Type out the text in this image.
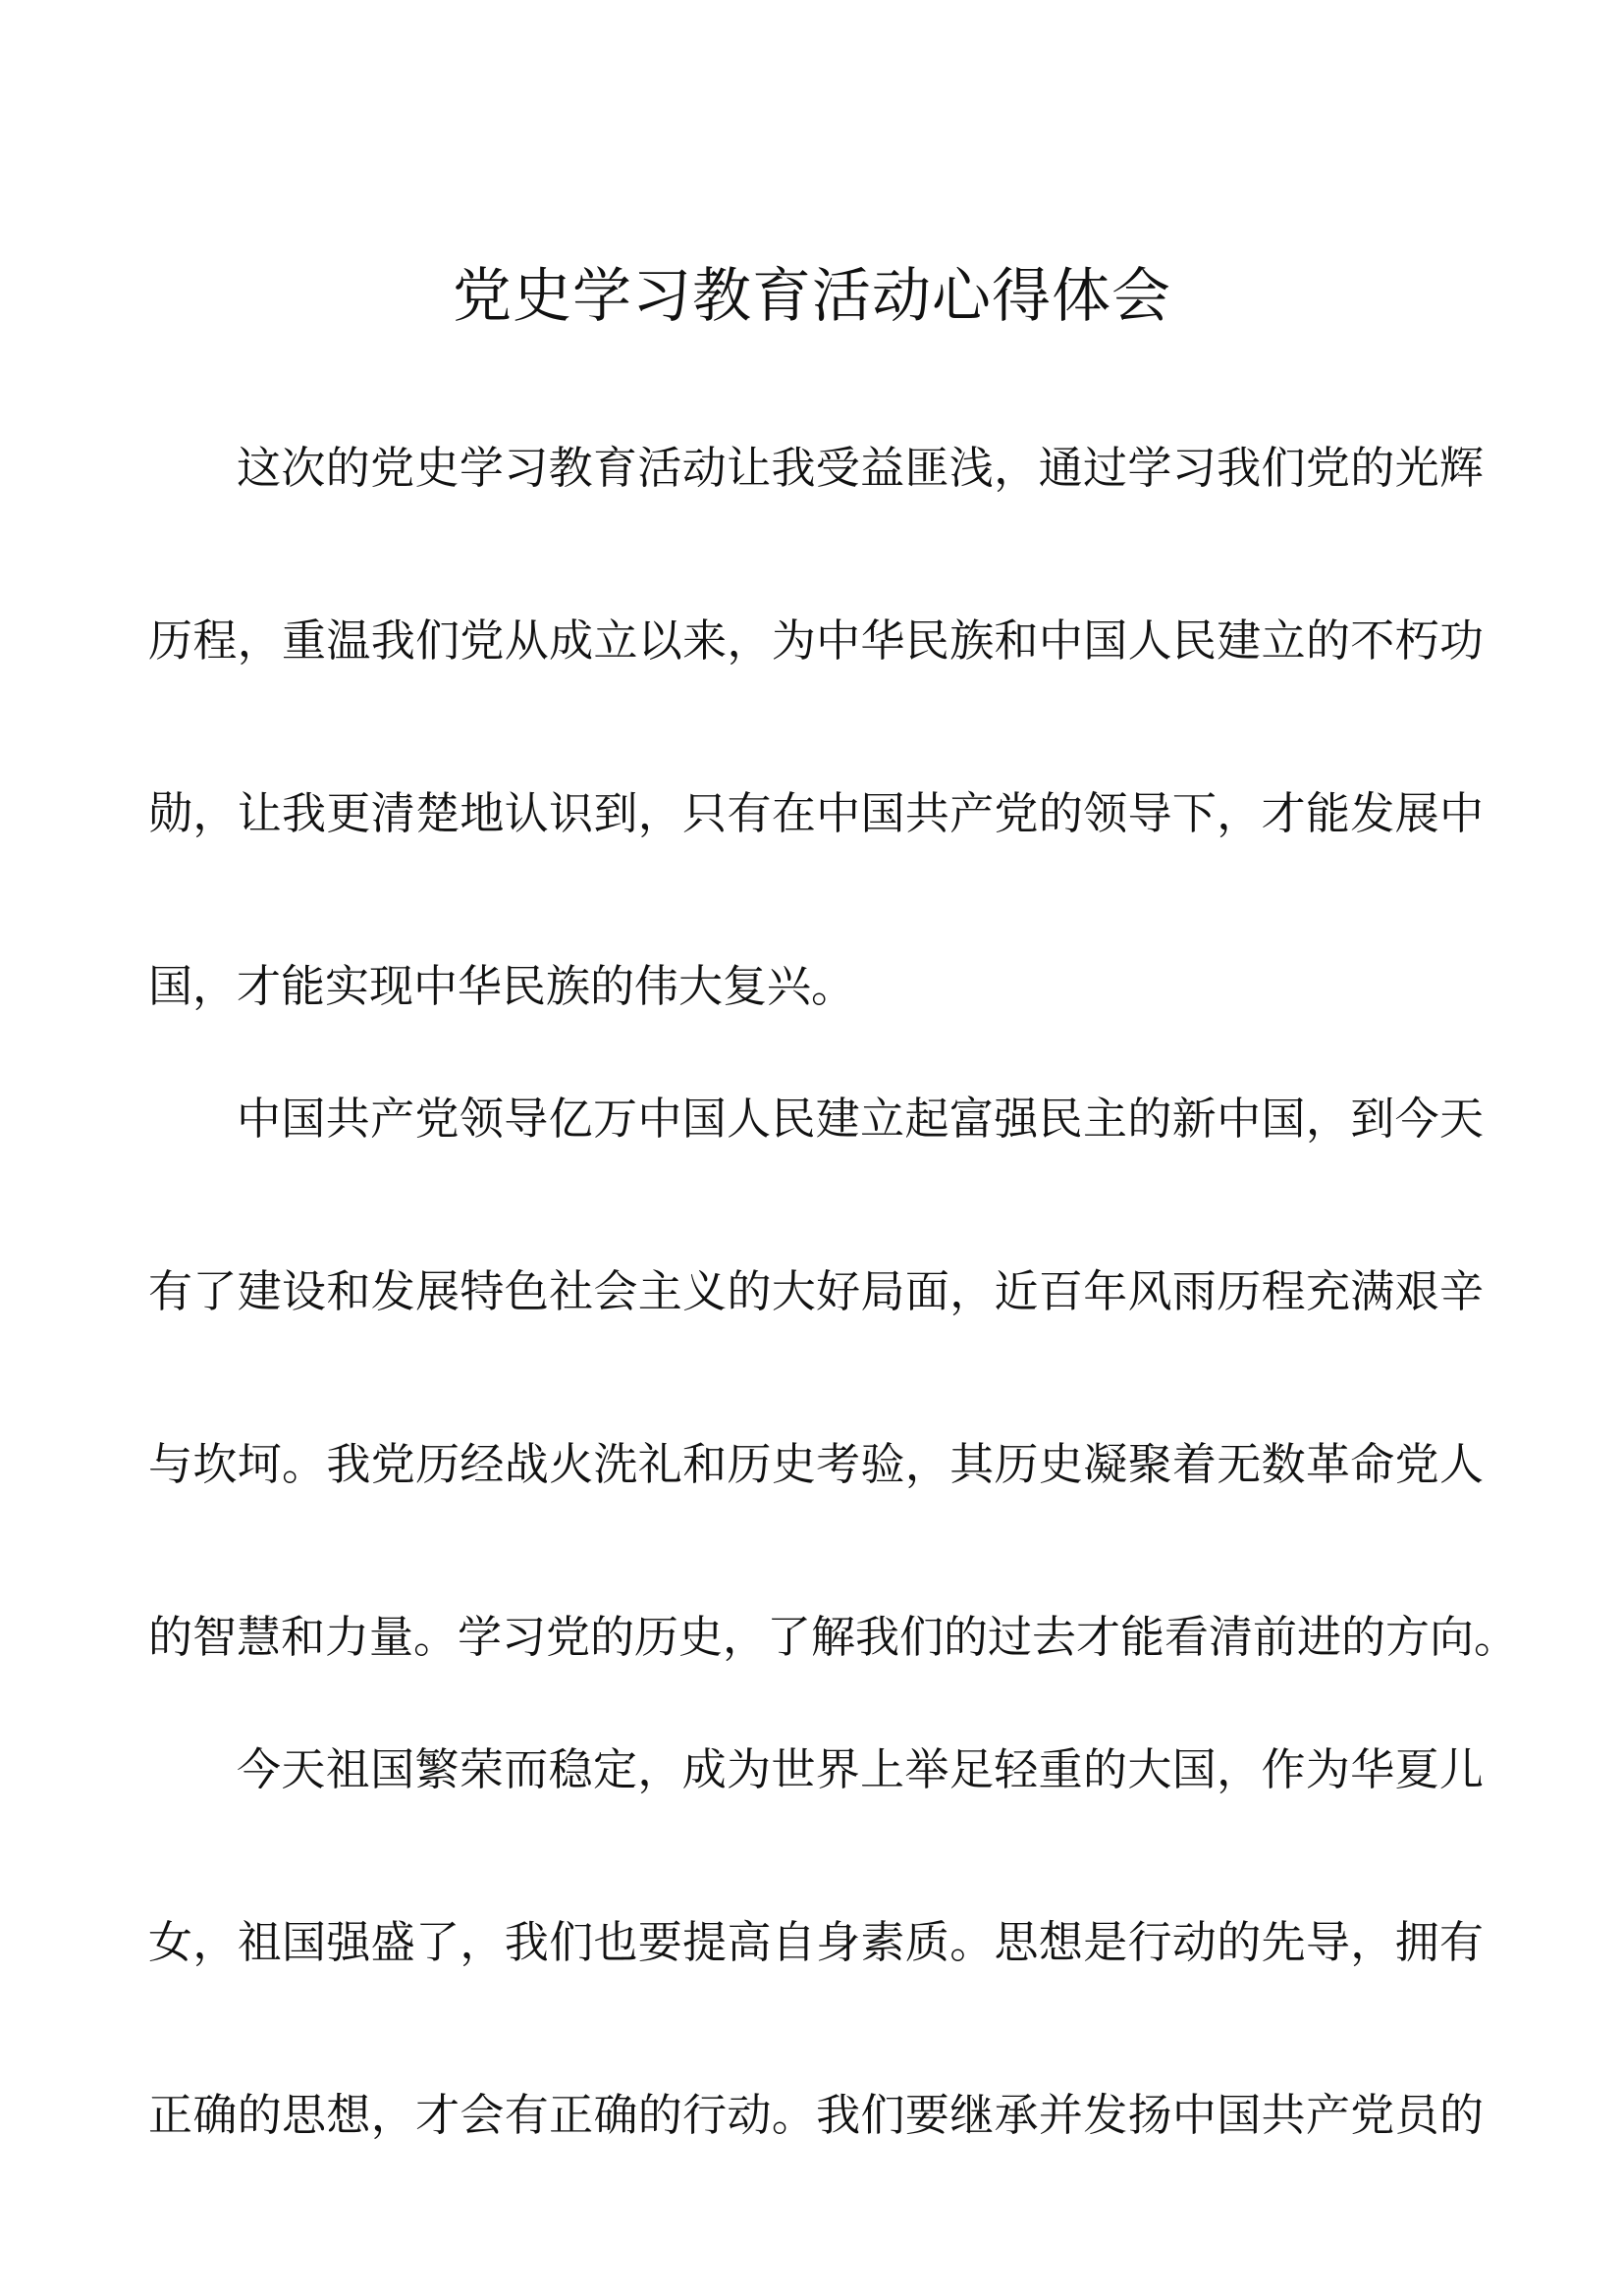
党史学习教育活动心得体会

这次的党史学习教育活动让我受益匪浅，通过学习我们党的光辉

历程，重温我们党从成立以来，为中华民族和中国人民建立的不朽功

勋，让我更清楚地认识到，只有在中国共产党的领导下，才能发展中

国，才能实现中华民族的伟大复兴。

中国共产党领导亿万中国人民建立起富强民主的新中国，到今天

有了建设和发展特色社会主义的大好局面，近百年风雨历程充满艰辛

与坎坷。我党历经战火洗礼和历史考验，其历史凝聚着无数革命党人

的智慧和力量。学习党的历史，了解我们的过去才能看清前进的方向。

今天祖国繁荣而稳定，成为世界上举足轻重的大国，作为华夏儿

女，祖国强盛了，我们也要提高自身素质。思想是行动的先导，拥有

正确的思想，才会有正确的行动。我们要继承并发扬中国共产党员的
